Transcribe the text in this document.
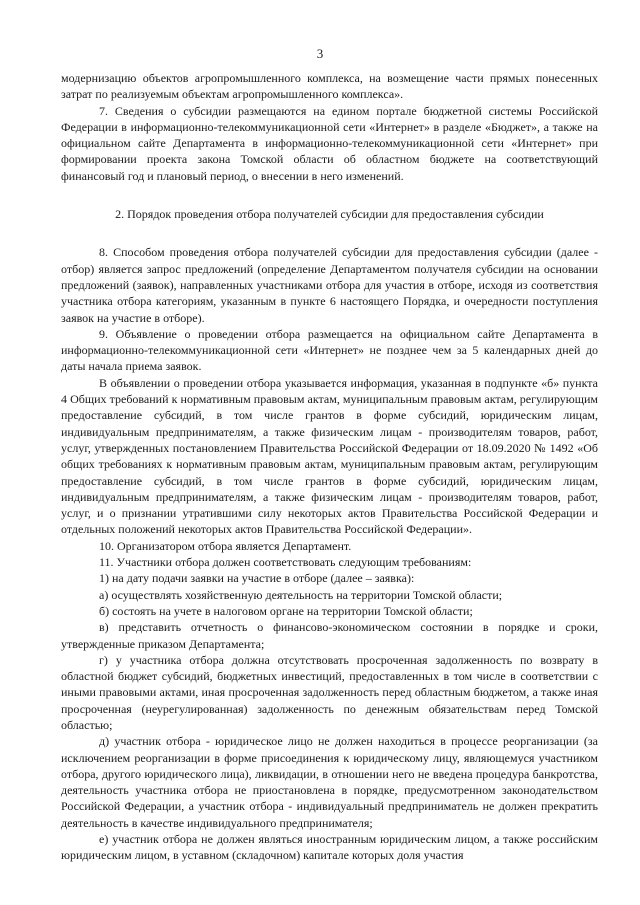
3

модернизацию объектов агропромышленного комплекса, на возмещение части прямых понесенных затрат по реализуемым объектам агропромышленного комплекса».

7. Сведения о субсидии размещаются на едином портале бюджетной системы Российской Федерации в информационно-телекоммуникационной сети «Интернет» в разделе «Бюджет», а также на официальном сайте Департамента в информационно-телекоммуникационной сети «Интернет» при формировании проекта закона Томской области об областном бюджете на соответствующий финансовый год и плановый период, о внесении в него изменений.

2. Порядок проведения отбора получателей субсидии для предоставления субсидии

8. Способом проведения отбора получателей субсидии для предоставления субсидии (далее - отбор) является запрос предложений (определение Департаментом получателя субсидии на основании предложений (заявок), направленных участниками отбора для участия в отборе, исходя из соответствия участника отбора категориям, указанным в пункте 6 настоящего Порядка, и очередности поступления заявок на участие в отборе).

9. Объявление о проведении отбора размещается на официальном сайте Департамента в информационно-телекоммуникационной сети «Интернет» не позднее чем за 5 календарных дней до даты начала приема заявок.

В объявлении о проведении отбора указывается информация, указанная в подпункте «б» пункта 4 Общих требований к нормативным правовым актам, муниципальным правовым актам, регулирующим предоставление субсидий, в том числе грантов в форме субсидий, юридическим лицам, индивидуальным предпринимателям, а также физическим лицам - производителям товаров, работ, услуг, утвержденных постановлением Правительства Российской Федерации от 18.09.2020 № 1492 «Об общих требованиях к нормативным правовым актам, муниципальным правовым актам, регулирующим предоставление субсидий, в том числе грантов в форме субсидий, юридическим лицам, индивидуальным предпринимателям, а также физическим лицам - производителям товаров, работ, услуг, и о признании утратившими силу некоторых актов Правительства Российской Федерации и отдельных положений некоторых актов Правительства Российской Федерации».

10. Организатором отбора является Департамент.

11. Участники отбора должен соответствовать следующим требованиям:

1) на дату подачи заявки на участие в отборе (далее – заявка):

а) осуществлять хозяйственную деятельность на территории Томской области;

б) состоять на учете в налоговом органе на территории Томской области;

в) представить отчетность о финансово-экономическом состоянии в порядке и сроки, утвержденные приказом Департамента;

г) у участника отбора должна отсутствовать просроченная задолженность по возврату в областной бюджет субсидий, бюджетных инвестиций, предоставленных в том числе в соответствии с иными правовыми актами, иная просроченная задолженность перед областным бюджетом, а также иная просроченная (неурегулированная) задолженность по денежным обязательствам перед Томской областью;

д) участник отбора - юридическое лицо не должен находиться в процессе реорганизации (за исключением реорганизации в форме присоединения к юридическому лицу, являющемуся участником отбора, другого юридического лица), ликвидации, в отношении него не введена процедура банкротства, деятельность участника отбора не приостановлена в порядке, предусмотренном законодательством Российской Федерации, а участник отбора - индивидуальный предприниматель не должен прекратить деятельность в качестве индивидуального предпринимателя;

е) участник отбора не должен являться иностранным юридическим лицом, а также российским юридическим лицом, в уставном (складочном) капитале которых доля участия
